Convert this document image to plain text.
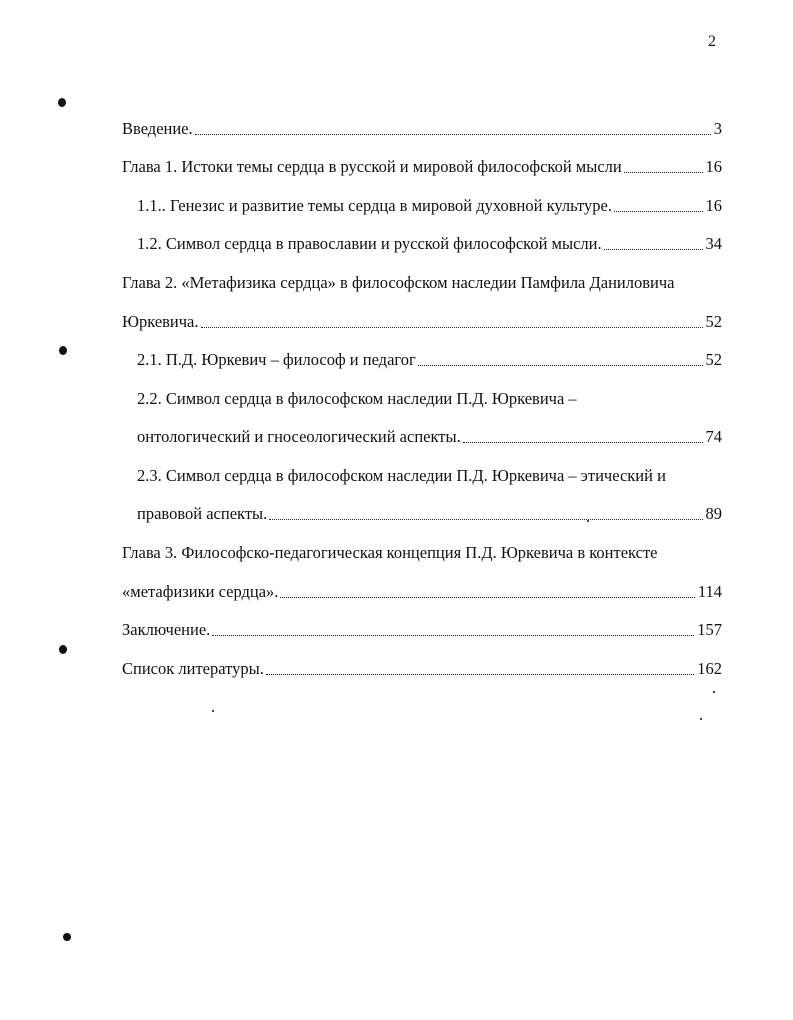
2
Введение.	3
Глава 1. Истоки темы сердца в русской и мировой философской мысли	16
1.1.. Генезис и развитие темы сердца в мировой духовной культуре.	16
1.2. Символ сердца в православии и русской философской мысли.	34
Глава 2. «Метафизика сердца» в философском наследии Памфила Даниловича
Юркевича.	52
2.1. П.Д. Юркевич – философ и педагог	52
2.2. Символ сердца в философском наследии П.Д. Юркевича –
онтологический и гносеологический аспекты.	74
2.3. Символ сердца в философском наследии П.Д. Юркевича – этический и
правовой аспекты.	89
Глава 3. Философско-педагогическая концепция П.Д. Юркевича в контексте
«метафизики сердца».	114
Заключение.	157
Список литературы.	162
